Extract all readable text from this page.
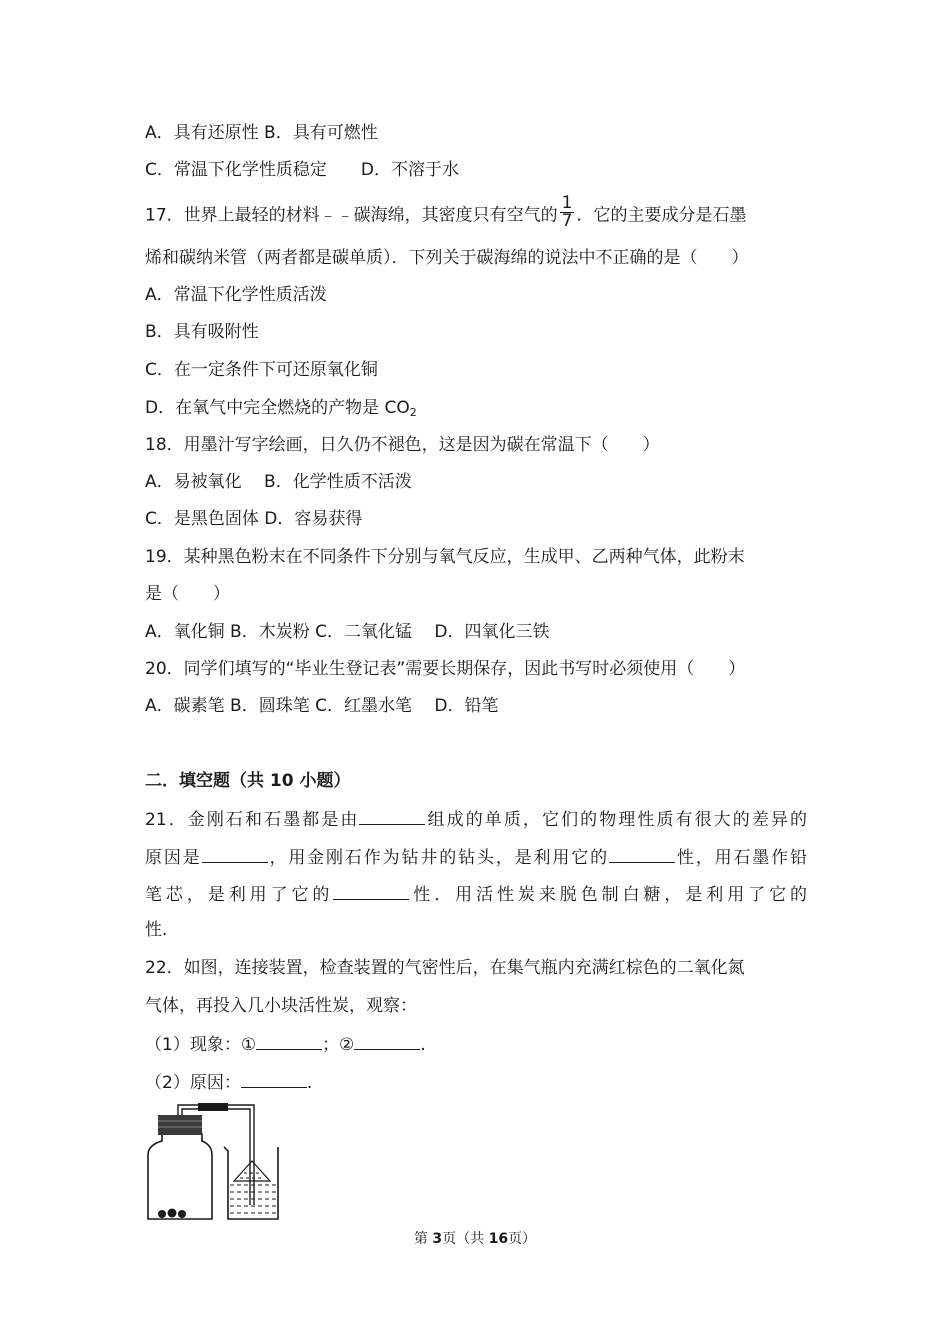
A．具有还原性 B．具有可燃性
C．常温下化学性质稳定　　D．不溶于水
17．世界上最轻的材料﹣﹣碳海绵，其密度只有空气的 $\frac{1}{7}$ ．它的主要成分是石墨
烯和碳纳米管（两者都是碳单质）．下列关于碳海绵的说法中不正确的是（　　）
A．常温下化学性质活泼
B．具有吸附性
C．在一定条件下可还原氧化铜
D．在氧气中完全燃烧的产物是 $CO_2$
18．用墨汁写字绘画，日久仍不褪色，这是因为碳在常温下（　　）
A．易被氧化　 B．化学性质不活泼
C．是黑色固体 D．容易获得
19．某种黑色粉末在不同条件下分别与氧气反应，生成甲、乙两种气体，此粉末
是（　　）
A．氧化铜 B．木炭粉 C．二氧化锰　 D．四氧化三铁
20．同学们填写的“毕业生登记表”需要长期保存，因此书写时必须使用（　　）
A．碳素笔 B．圆珠笔 C．红墨水笔　 D．铅笔
二．填空题（共 10 小题）
21．金刚石和石墨都是由	组成的单质，它们的物理性质有很大的差异的
原因是	，用金刚石作为钻井的钻头，是利用它的	性，用石墨作铅
笔芯，是利用了它的	性．用活性炭来脱色制白糖，是利用了它的
性．
22．如图，连接装置，检查装置的气密性后，在集气瓶内充满红棕色的二氧化氮
气体，再投入几小块活性炭，观察：
（1）现象：①	；②	.
（2）原因：	.
第 3页（共 16页）
